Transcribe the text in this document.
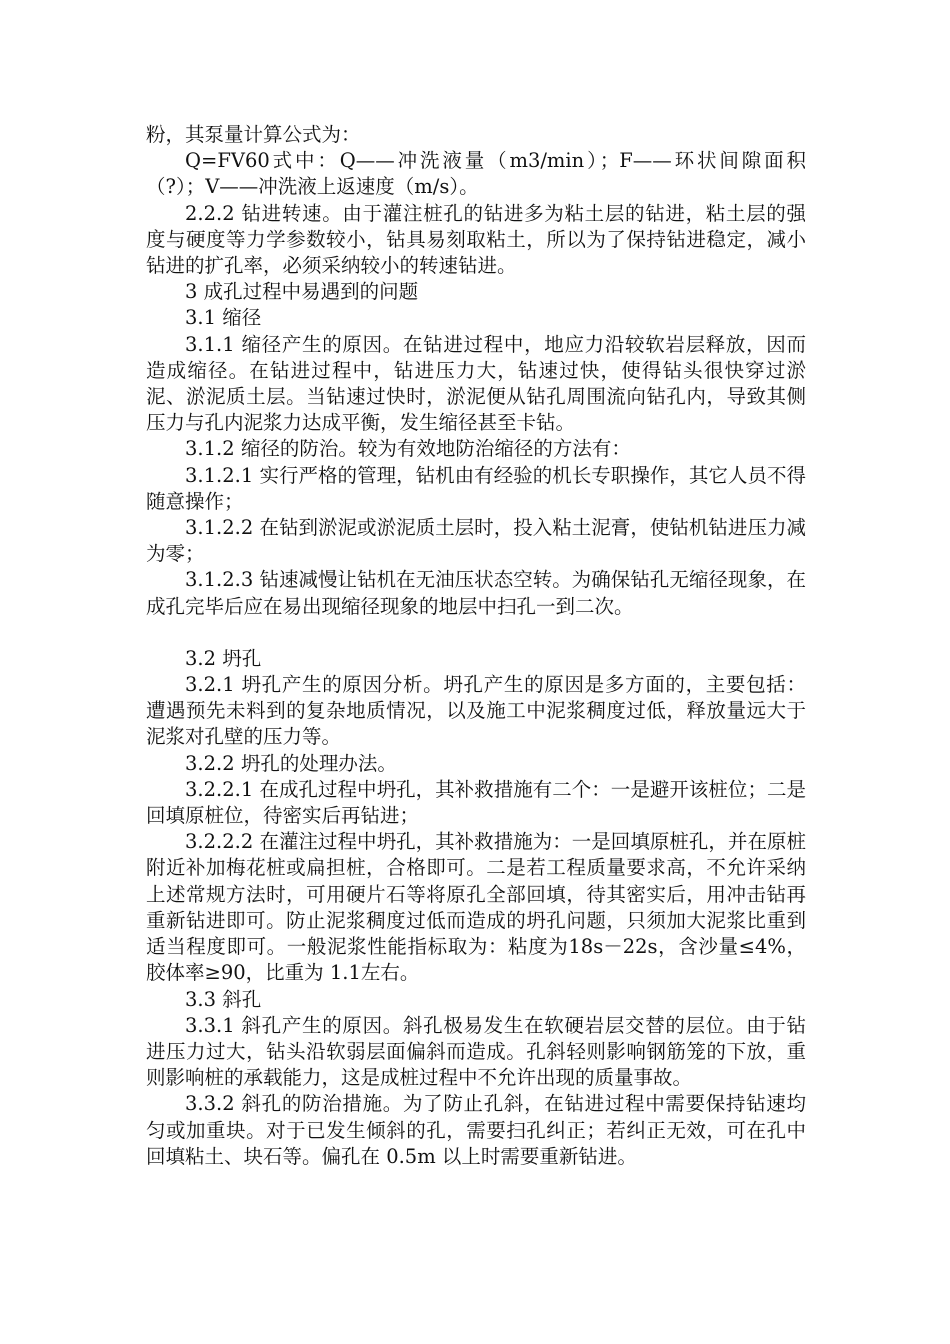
粉，其泵量计算公式为：

Q=FV60式中：Q——冲洗液量（m3/min）；F——环状间隙面积（?）；V——冲洗液上返速度（m/s）。

2.2.2 钻进转速。由于灌注桩孔的钻进多为粘土层的钻进，粘土层的强度与硬度等力学参数较小，钻具易刻取粘土，所以为了保持钻进稳定，减小钻进的扩孔率，必须采纳较小的转速钻进。

3 成孔过程中易遇到的问题

3.1 缩径

3.1.1 缩径产生的原因。在钻进过程中，地应力沿较软岩层释放，因而造成缩径。在钻进过程中，钻进压力大，钻速过快，使得钻头很快穿过淤泥、淤泥质土层。当钻速过快时，淤泥便从钻孔周围流向钻孔内，导致其侧压力与孔内泥浆力达成平衡，发生缩径甚至卡钻。

3.1.2 缩径的防治。较为有效地防治缩径的方法有：

3.1.2.1 实行严格的管理，钻机由有经验的机长专职操作，其它人员不得随意操作；

3.1.2.2 在钻到淤泥或淤泥质土层时，投入粘土泥膏，使钻机钻进压力减为零；

3.1.2.3 钻速减慢让钻机在无油压状态空转。为确保钻孔无缩径现象，在成孔完毕后应在易出现缩径现象的地层中扫孔一到二次。

3.2 坍孔

3.2.1 坍孔产生的原因分析。坍孔产生的原因是多方面的，主要包括：遭遇预先未料到的复杂地质情况，以及施工中泥浆稠度过低，释放量远大于泥浆对孔壁的压力等。

3.2.2 坍孔的处理办法。

3.2.2.1 在成孔过程中坍孔，其补救措施有二个：一是避开该桩位；二是回填原桩位，待密实后再钻进；

3.2.2.2 在灌注过程中坍孔，其补救措施为：一是回填原桩孔，并在原桩附近补加梅花桩或扁担桩，合格即可。二是若工程质量要求高，不允许采纳上述常规方法时，可用硬片石等将原孔全部回填，待其密实后，用冲击钻再重新钻进即可。防止泥浆稠度过低而造成的坍孔问题，只须加大泥浆比重到适当程度即可。一般泥浆性能指标取为：粘度为18s－22s，含沙量≤4%，胶体率≥90，比重为 1.1左右。

3.3 斜孔

3.3.1 斜孔产生的原因。斜孔极易发生在软硬岩层交替的层位。由于钻进压力过大，钻头沿软弱层面偏斜而造成。孔斜轻则影响钢筋笼的下放，重则影响桩的承载能力，这是成桩过程中不允许出现的质量事故。

3.3.2 斜孔的防治措施。为了防止孔斜，在钻进过程中需要保持钻速均匀或加重块。对于已发生倾斜的孔，需要扫孔纠正；若纠正无效，可在孔中回填粘土、块石等。偏孔在 0.5m 以上时需要重新钻进。
